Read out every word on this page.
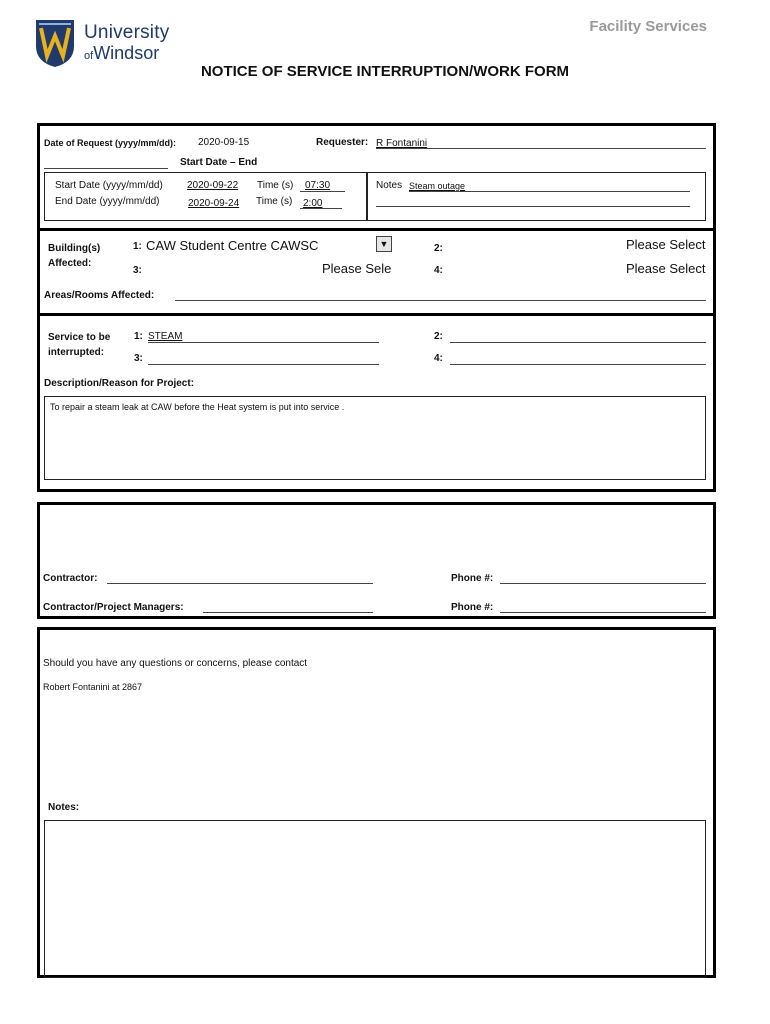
University
ofWindsor
Facility Services
NOTICE OF SERVICE INTERRUPTION/WORK FORM
Date of Request (yyyy/mm/dd): 2020-09-15	Requester: R Fontanini
Start Date – End
Start Date (yyyy/mm/dd) 2020-09-22 Time (s) 07:30
End Date (yyyy/mm/dd)	2020-09-24 Time (s) 2:00
Notes Steam outage
Building(s)
Affected:
1: CAW Student Centre CAWSC	▼	2:	Please Select
3:	Please Sele	4:	Please Select
Areas/Rooms Affected:
Service to be
interrupted:
1: STEAM	2:
3:	4:
Description/Reason for Project:
To repair a steam leak at CAW before the Heat system is put into service .
Contractor:	Phone #:
Contractor/Project Managers:	Phone #:
Should you have any questions or concerns, please contact
Robert Fontanini at 2867
Notes:
